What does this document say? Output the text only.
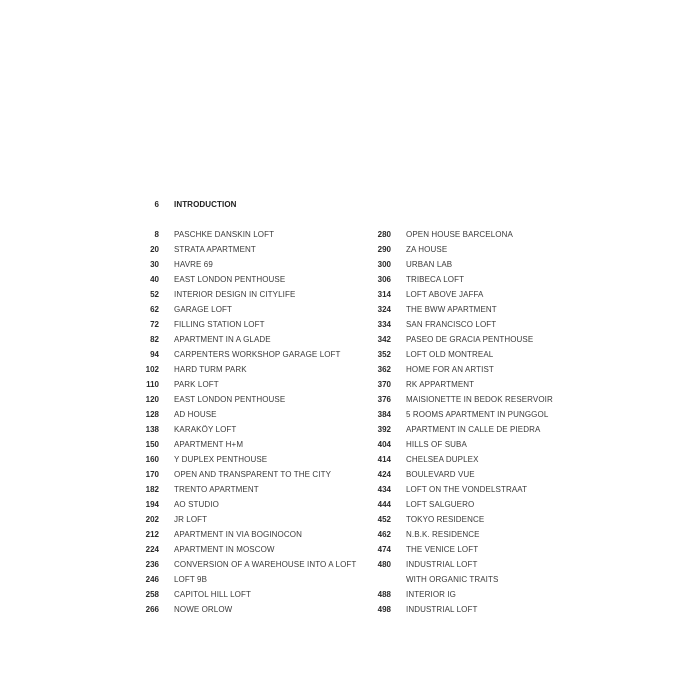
6 INTRODUCTION
8 PASCHKE DANSKIN LOFT
20 STRATA APARTMENT
30 HAVRE 69
40 EAST LONDON PENTHOUSE
52 INTERIOR DESIGN IN CITYLIFE
62 GARAGE LOFT
72 FILLING STATION LOFT
82 APARTMENT IN A GLADE
94 CARPENTERS WORKSHOP GARAGE LOFT
102 HARD TURM PARK
110 PARK LOFT
120 EAST LONDON PENTHOUSE
128 AD HOUSE
138 KARAKÖY LOFT
150 APARTMENT H+M
160 Y DUPLEX PENTHOUSE
170 OPEN AND TRANSPARENT TO THE CITY
182 TRENTO APARTMENT
194 AO STUDIO
202 JR LOFT
212 APARTMENT IN VIA BOGINOCON
224 APARTMENT IN MOSCOW
236 CONVERSION OF A WAREHOUSE INTO A LOFT
246 LOFT 9B
258 CAPITOL HILL LOFT
266 NOWE ORLOW
280 OPEN HOUSE BARCELONA
290 ZA HOUSE
300 URBAN LAB
306 TRIBECA LOFT
314 LOFT ABOVE JAFFA
324 THE BWW APARTMENT
334 SAN FRANCISCO LOFT
342 PASEO DE GRACIA PENTHOUSE
352 LOFT OLD MONTREAL
362 HOME FOR AN ARTIST
370 RK APPARTMENT
376 MAISIONETTE IN BEDOK RESERVOIR
384 5 ROOMS APARTMENT IN PUNGGOL
392 APARTMENT IN CALLE DE PIEDRA
404 HILLS OF SUBA
414 CHELSEA DUPLEX
424 BOULEVARD VUE
434 LOFT ON THE VONDELSTRAAT
444 LOFT SALGUERO
452 TOKYO RESIDENCE
462 N.B.K. RESIDENCE
474 THE VENICE LOFT
480 INDUSTRIAL LOFT
WITH ORGANIC TRAITS
488 INTERIOR IG
498 INDUSTRIAL LOFT
